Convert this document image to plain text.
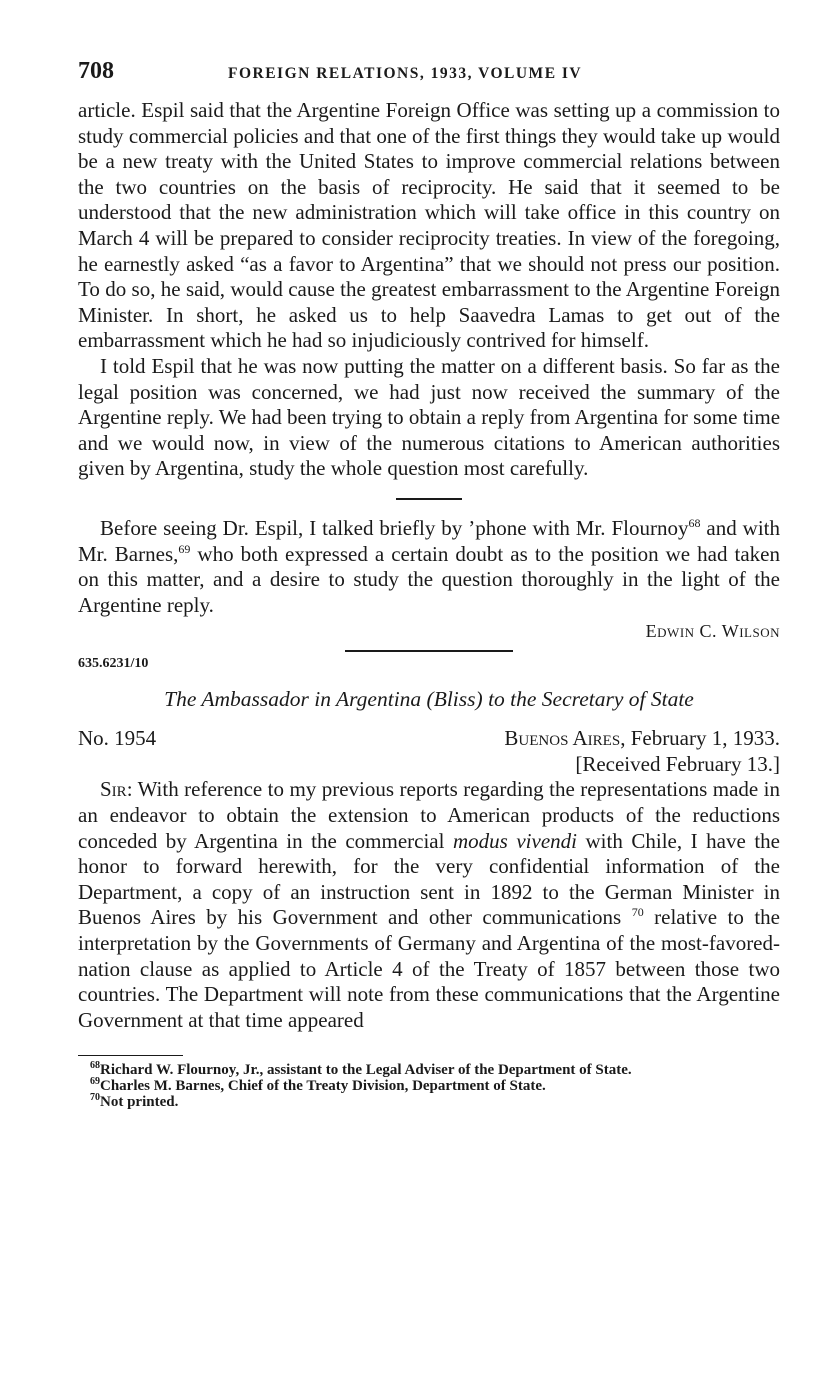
708	FOREIGN RELATIONS, 1933, VOLUME IV

article. Espil said that the Argentine Foreign Office was setting up a commission to study commercial policies and that one of the first things they would take up would be a new treaty with the United States to improve commercial relations between the two countries on the basis of reciprocity. He said that it seemed to be understood that the new administration which will take office in this country on March 4 will be prepared to consider reciprocity treaties. In view of the foregoing, he earnestly asked “as a favor to Argentina” that we should not press our position. To do so, he said, would cause the greatest embarrassment to the Argentine Foreign Minister. In short, he asked us to help Saavedra Lamas to get out of the embarrassment which he had so injudiciously contrived for himself.

I told Espil that he was now putting the matter on a different basis. So far as the legal position was concerned, we had just now received the summary of the Argentine reply. We had been trying to obtain a reply from Argentina for some time and we would now, in view of the numerous citations to American authorities given by Argentina, study the whole question most carefully.

Before seeing Dr. Espil, I talked briefly by ’phone with Mr. Flournoy$^{68}$ and with Mr. Barnes,$^{69}$ who both expressed a certain doubt as to the position we had taken on this matter, and a desire to study the question thoroughly in the light of the Argentine reply.

Edwin C. Wilson
635.6231/10
The Ambassador in Argentina (Bliss) to the Secretary of State
No. 1954	Buenos Aires, February 1, 1933.
[Received February 13.]

Sir: With reference to my previous reports regarding the representations made in an endeavor to obtain the extension to American products of the reductions conceded by Argentina in the commercial modus vivendi with Chile, I have the honor to forward herewith, for the very confidential information of the Department, a copy of an instruction sent in 1892 to the German Minister in Buenos Aires by his Government and other communications $^{70}$ relative to the interpretation by the Governments of Germany and Argentina of the most-favored-nation clause as applied to Article 4 of the Treaty of 1857 between those two countries. The Department will note from these communications that the Argentine Government at that time appeared

$^{68}$Richard W. Flournoy, Jr., assistant to the Legal Adviser of the Department of State.

$^{69}$Charles M. Barnes, Chief of the Treaty Division, Department of State.

$^{70}$Not printed.
